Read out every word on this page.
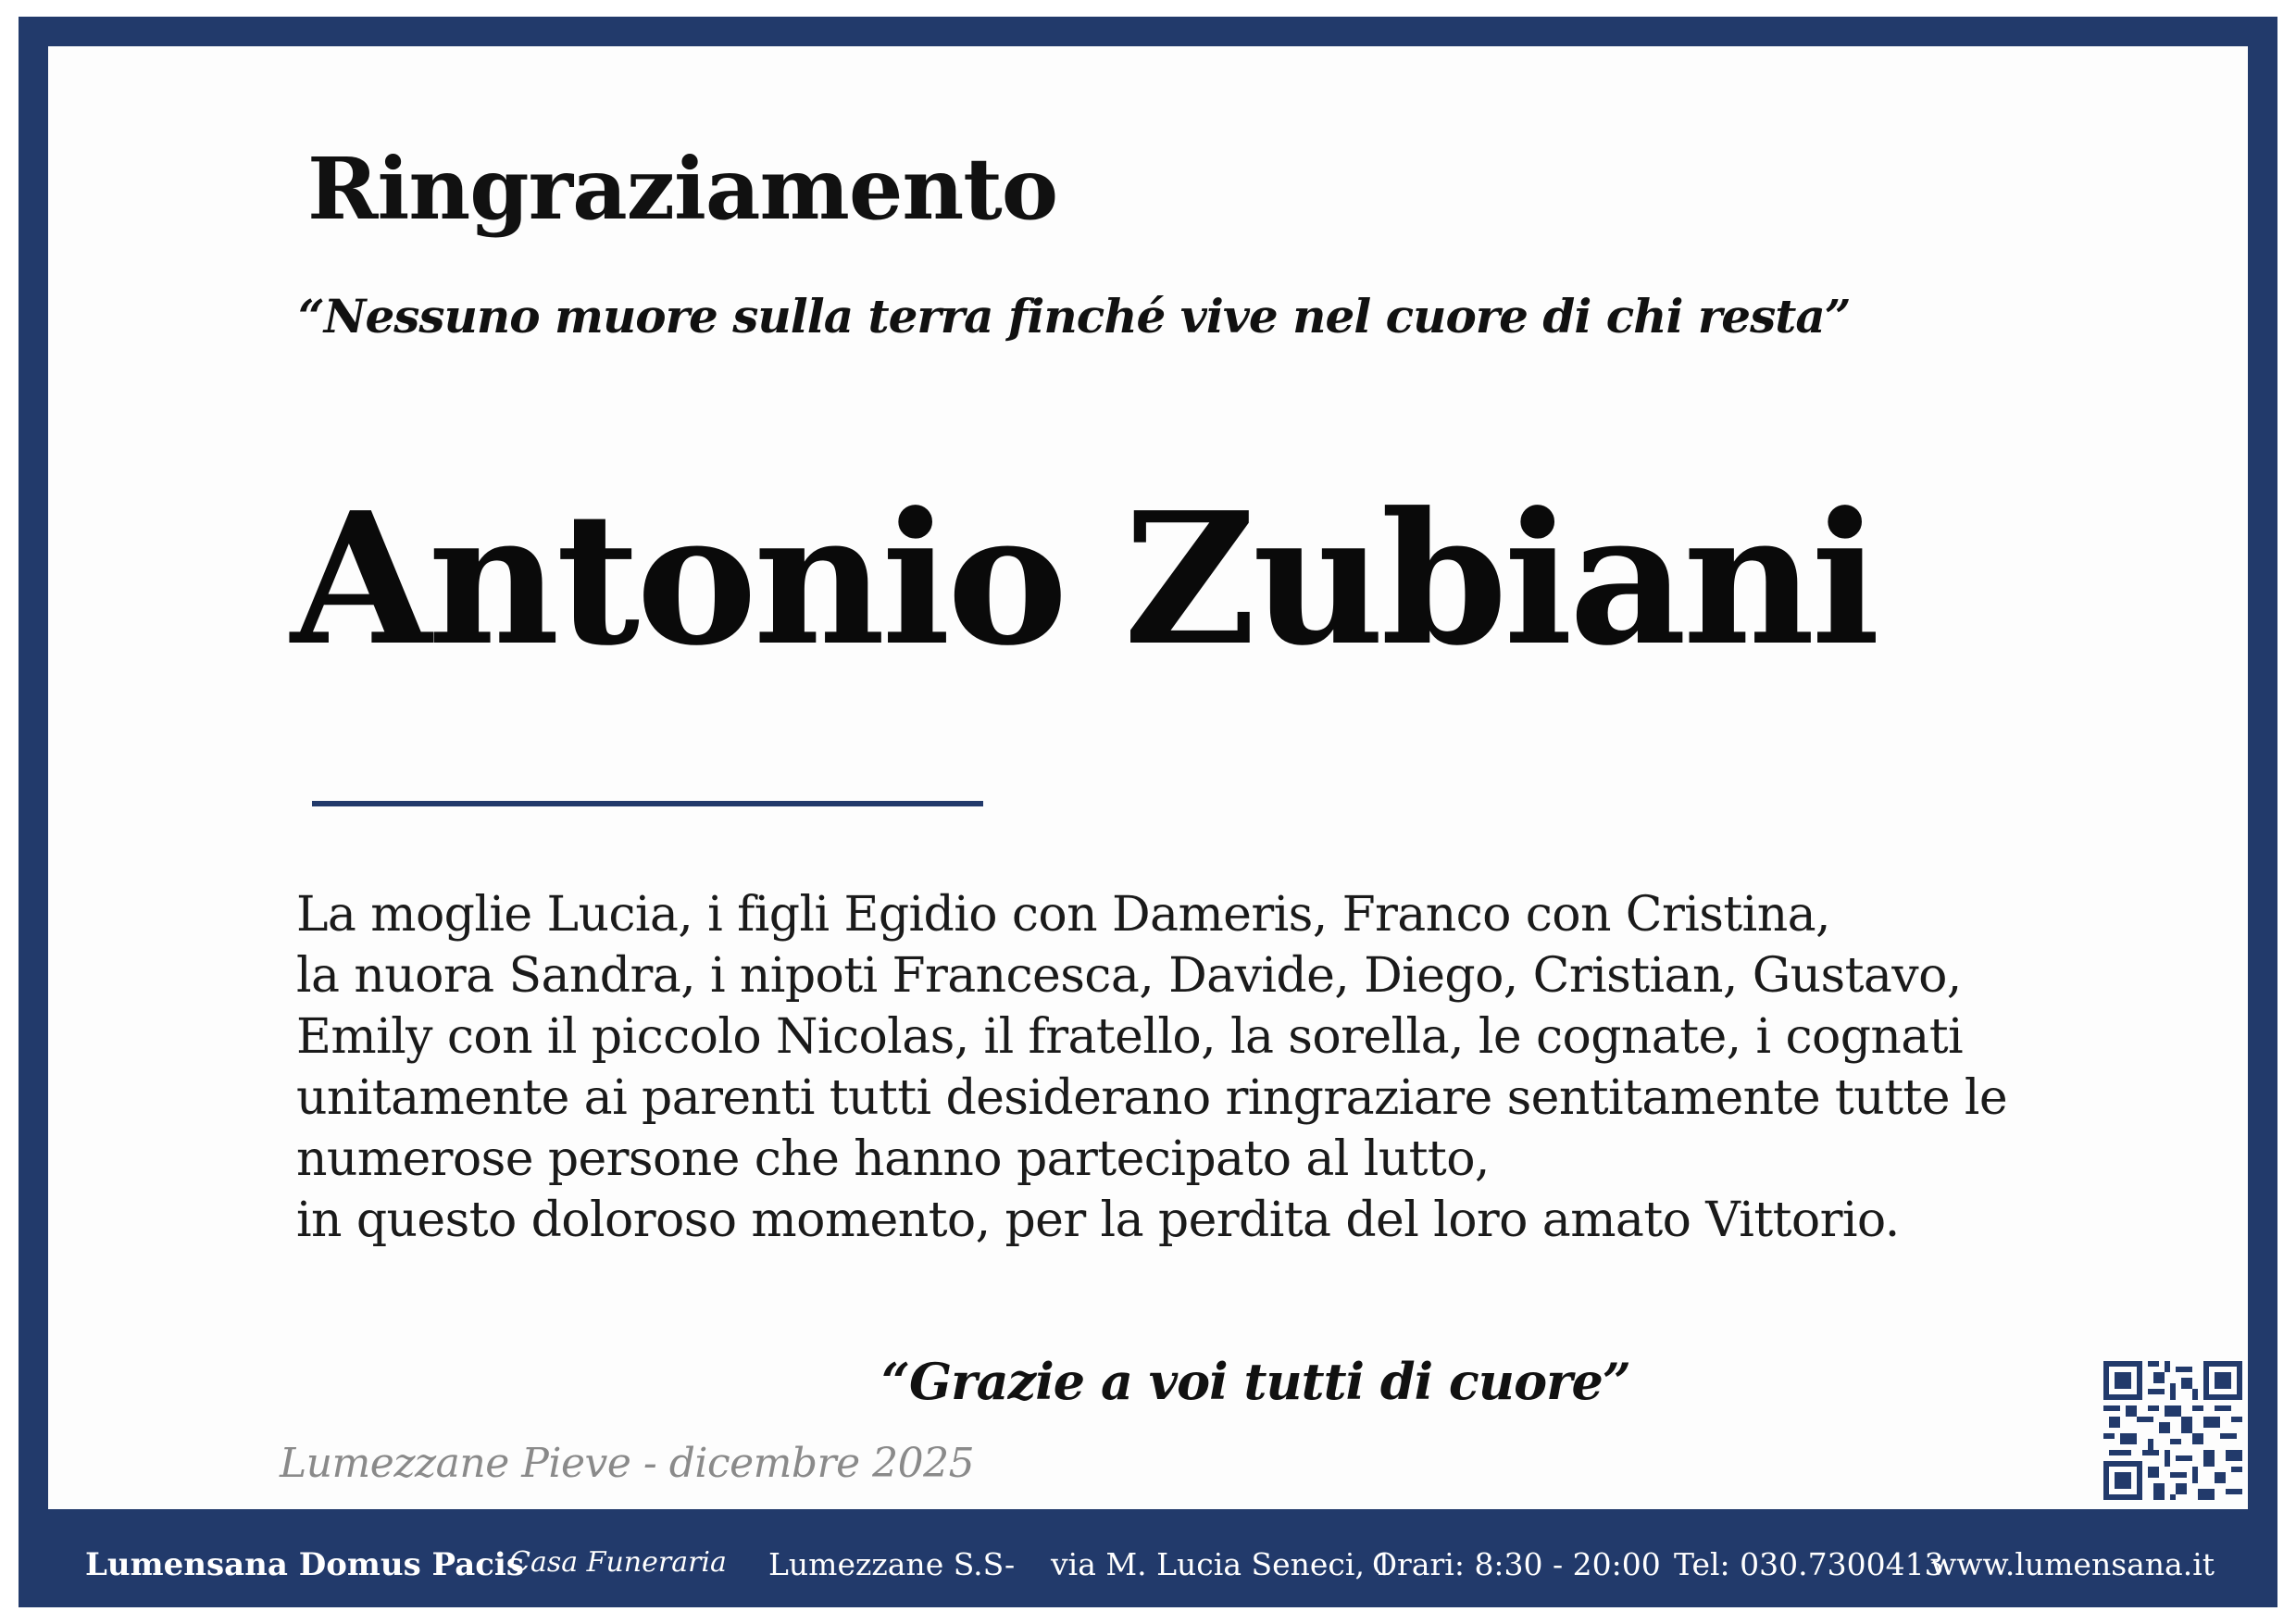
Ringraziamento
“Nessuno muore sulla terra finché vive nel cuore di chi resta”
Antonio Zubiani
La moglie Lucia, i figli Egidio con Dameris, Franco con Cristina,
la nuora Sandra, i nipoti Francesca, Davide, Diego, Cristian, Gustavo,
Emily con il piccolo Nicolas, il fratello, la sorella, le cognate, i cognati
unitamente ai parenti tutti desiderano ringraziare sentitamente tutte le
numerose persone che hanno partecipato al lutto,
in questo doloroso momento, per la perdita del loro amato Vittorio.
“Grazie a voi tutti di cuore”
Lumezzane Pieve - dicembre 2025
Lumensana Domus Pacis
Casa Funeraria Lumezzane S.S - via M. Lucia Seneci, 1
Orari: 8:30 - 20:00 Tel: 030.7300413
www.lumensana.it
